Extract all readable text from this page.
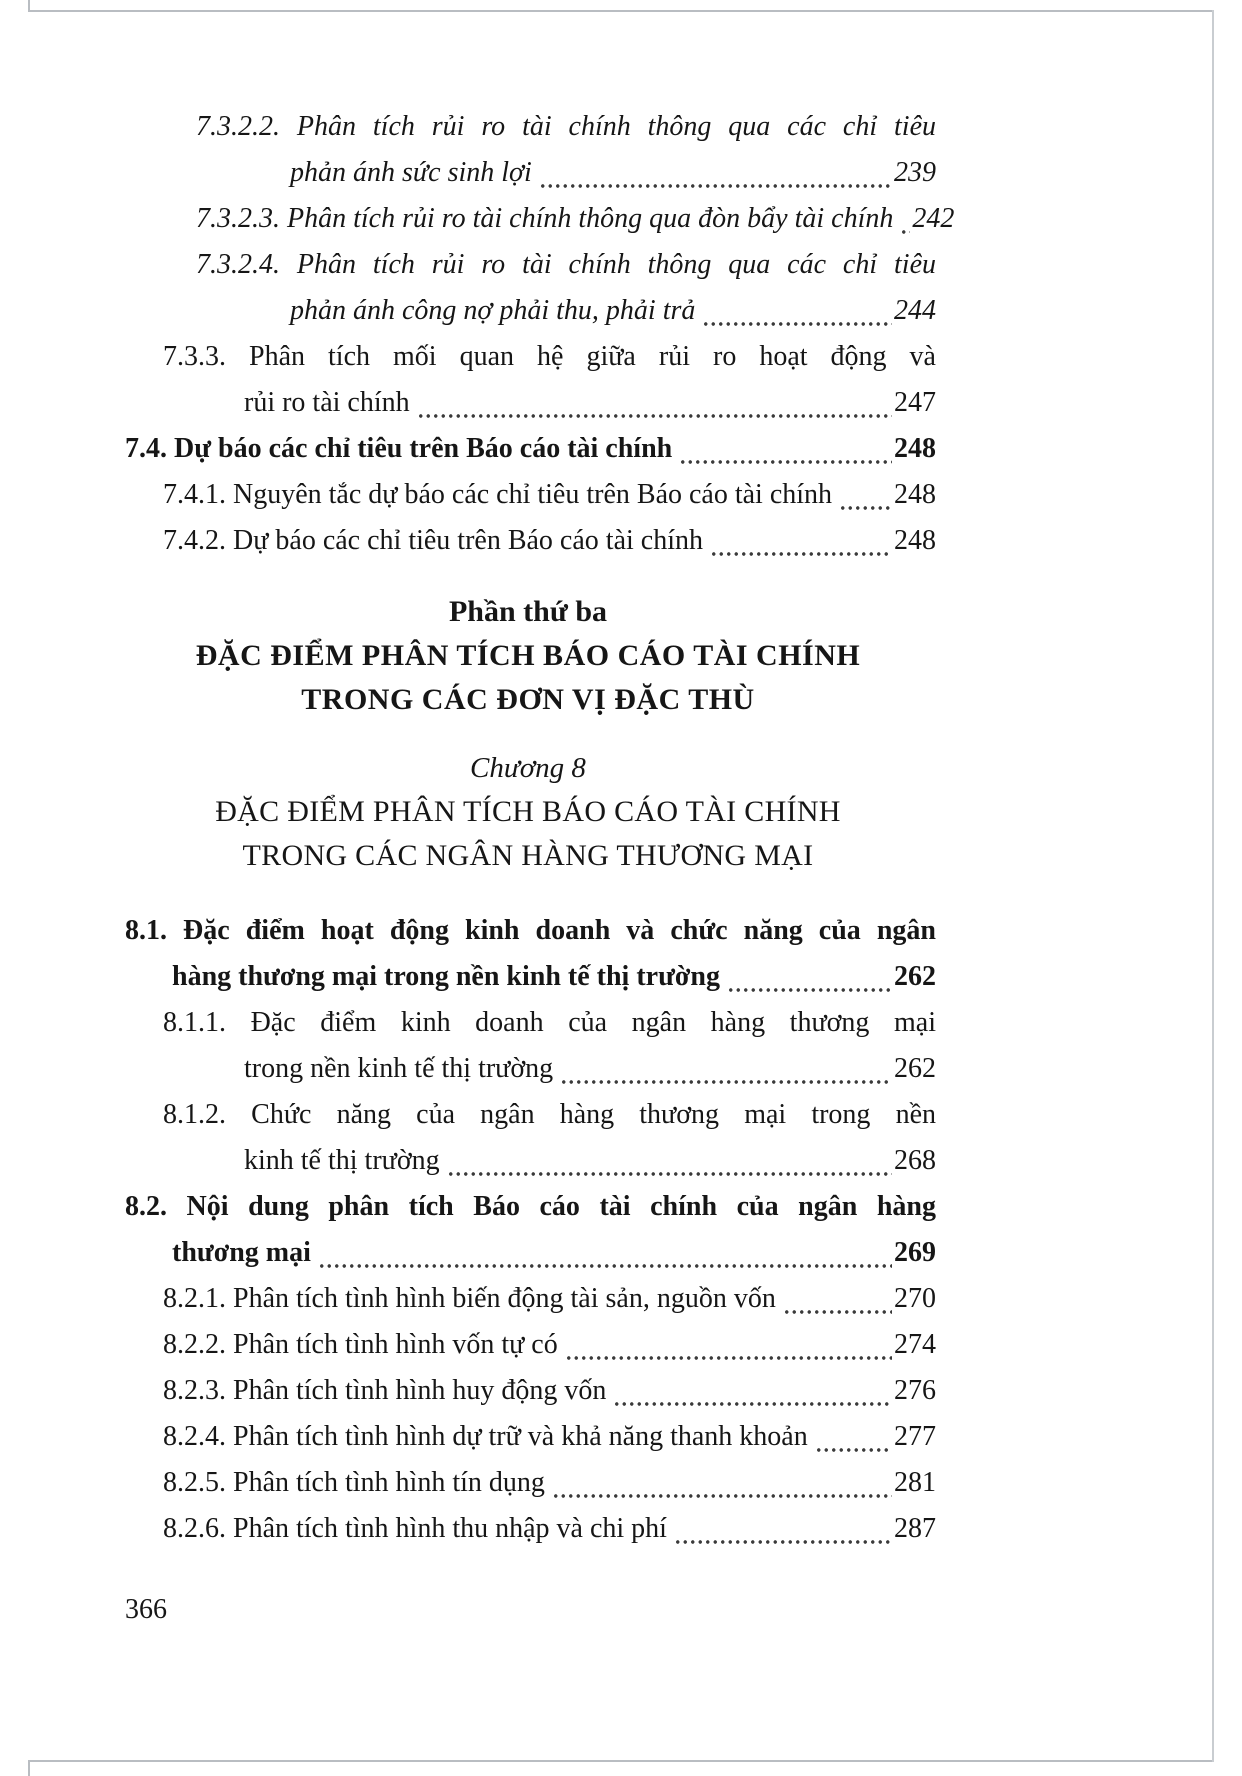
7.3.2.2. Phân tích rủi ro tài chính thông qua các chỉ tiêu
phản ánh sức sinh lợi	239
7.3.2.3. Phân tích rủi ro tài chính thông qua đòn bẩy tài chính 242
7.3.2.4. Phân tích rủi ro tài chính thông qua các chỉ tiêu
phản ánh công nợ phải thu, phải trả	244
7.3.3. Phân tích mối quan hệ giữa rủi ro hoạt động và
rủi ro tài chính	247
7.4. Dự báo các chỉ tiêu trên Báo cáo tài chính	248
7.4.1. Nguyên tắc dự báo các chỉ tiêu trên Báo cáo tài chính 248
7.4.2. Dự báo các chỉ tiêu trên Báo cáo tài chính	248
Phần thứ ba
ĐẶC ĐIỂM PHÂN TÍCH BÁO CÁO TÀI CHÍNH
TRONG CÁC ĐƠN VỊ ĐẶC THÙ
Chương 8
ĐẶC ĐIỂM PHÂN TÍCH BÁO CÁO TÀI CHÍNH
TRONG CÁC NGÂN HÀNG THƯƠNG MẠI
8.1. Đặc điểm hoạt động kinh doanh và chức năng của ngân
hàng thương mại trong nền kinh tế thị trường	262
8.1.1. Đặc điểm kinh doanh của ngân hàng thương mại
trong nền kinh tế thị trường	262
8.1.2. Chức năng của ngân hàng thương mại trong nền
kinh tế thị trường	268
8.2. Nội dung phân tích Báo cáo tài chính của ngân hàng
thương mại	269
8.2.1. Phân tích tình hình biến động tài sản, nguồn vốn	270
8.2.2. Phân tích tình hình vốn tự có	274
8.2.3. Phân tích tình hình huy động vốn	276
8.2.4. Phân tích tình hình dự trữ và khả năng thanh khoản	277
8.2.5. Phân tích tình hình tín dụng	281
8.2.6. Phân tích tình hình thu nhập và chi phí	287
366
